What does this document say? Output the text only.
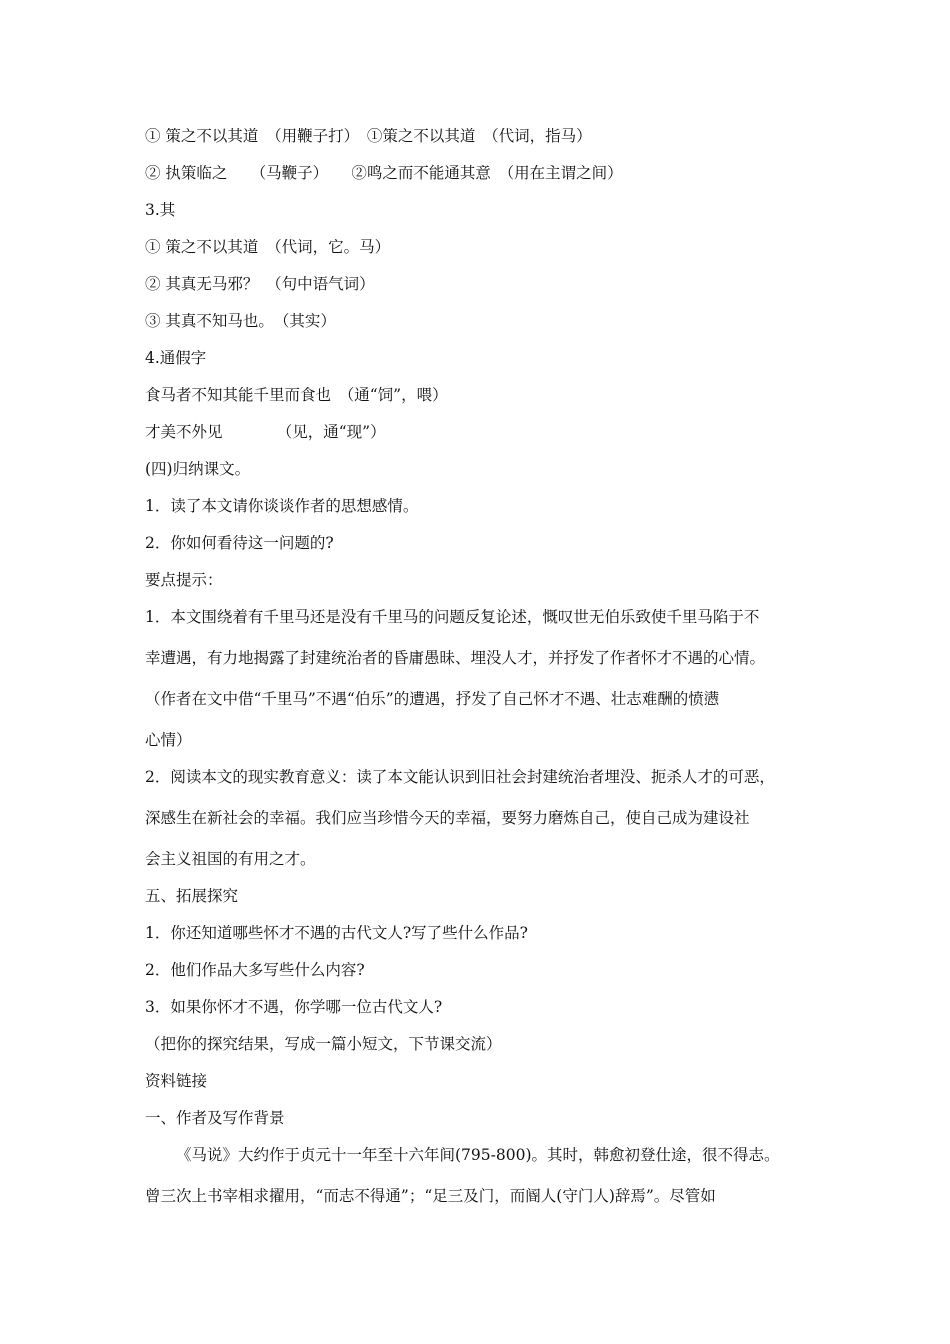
① 策之不以其道　（用鞭子打）　①策之不以其道　（代词，指马）
② 执策临之　　（马鞭子）　　②鸣之而不能通其意　（用在主谓之间）
3.其
① 策之不以其道　（代词，它。马）
② 其真无马邪？　（句中语气词）
③ 其真不知马也。　（其实）
4.通假字
食马者不知其能千里而食也　（通“饲”，喂）
才美不外见　　　　（见，通“现”）
(四)归纳课文。
1．读了本文请你谈谈作者的思想感情。
2．你如何看待这一问题的?
要点提示：
1．本文围绕着有千里马还是没有千里马的问题反复论述，慨叹世无伯乐致使千里马陷于不
幸遭遇，有力地揭露了封建统治者的昏庸愚昧、埋没人才，并抒发了作者怀才不遇的心情。
（作者在文中借“千里马”不遇“伯乐”的遭遇，抒发了自己怀才不遇、壮志难酬的愤懑
心情）
2．阅读本文的现实教育意义：读了本文能认识到旧社会封建统治者埋没、扼杀人才的可恶，
深感生在新社会的幸福。我们应当珍惜今天的幸福，要努力磨炼自己，使自己成为建设社
会主义祖国的有用之才。
五、拓展探究
1．你还知道哪些怀才不遇的古代文人?写了些什么作品?
2．他们作品大多写些什么内容?
3．如果你怀才不遇，你学哪一位古代文人?
（把你的探究结果，写成一篇小短文，下节课交流）
资料链接
一、作者及写作背景
《马说》大约作于贞元十一年至十六年间(795-800)。其时，韩愈初登仕途，很不得志。
曾三次上书宰相求擢用，“而志不得通”；“足三及门，而阍人(守门人)辞焉”。尽管如
